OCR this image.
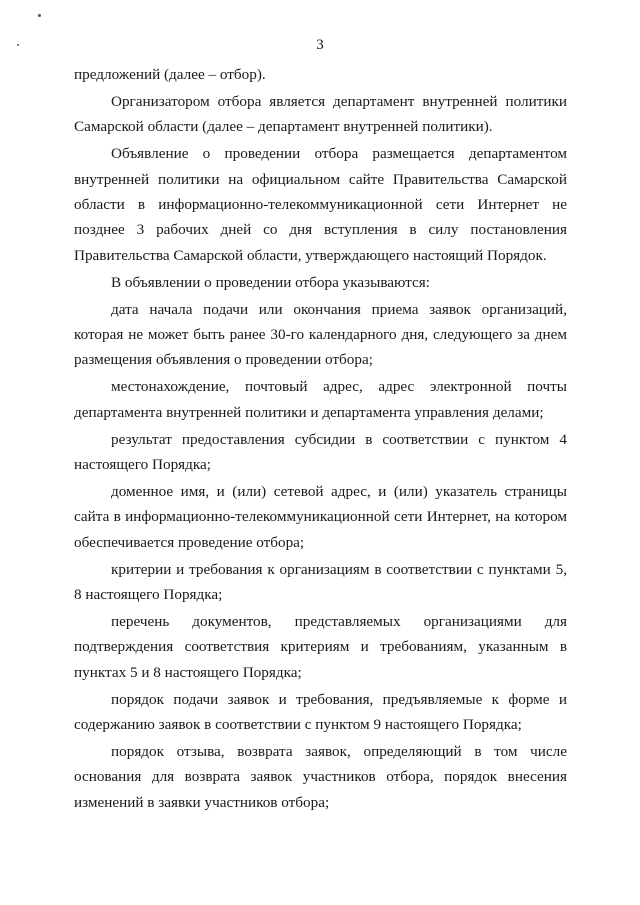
3

предложений (далее – отбор).

Организатором отбора является департамент внутренней политики Самарской области (далее – департамент внутренней политики).

Объявление о проведении отбора размещается департаментом внутренней политики на официальном сайте Правительства Самарской области в информационно-телекоммуникационной сети Интернет не позднее 3 рабочих дней со дня вступления в силу постановления Правительства Самарской области, утверждающего настоящий Порядок.

В объявлении о проведении отбора указываются:

дата начала подачи или окончания приема заявок организаций, которая не может быть ранее 30-го календарного дня, следующего за днем размещения объявления о проведении отбора;

местонахождение, почтовый адрес, адрес электронной почты департамента внутренней политики и департамента управления делами;

результат предоставления субсидии в соответствии с пунктом 4 настоящего Порядка;

доменное имя, и (или) сетевой адрес, и (или) указатель страницы сайта в информационно-телекоммуникационной сети Интернет, на котором обеспечивается проведение отбора;

критерии и требования к организациям в соответствии с пунктами 5, 8 настоящего Порядка;

перечень документов, представляемых организациями для подтверждения соответствия критериям и требованиям, указанным в пунктах 5 и 8 настоящего Порядка;

порядок подачи заявок и требования, предъявляемые к форме и содержанию заявок в соответствии с пунктом 9 настоящего Порядка;

порядок отзыва, возврата заявок, определяющий в том числе основания для возврата заявок участников отбора, порядок внесения изменений в заявки участников отбора;
